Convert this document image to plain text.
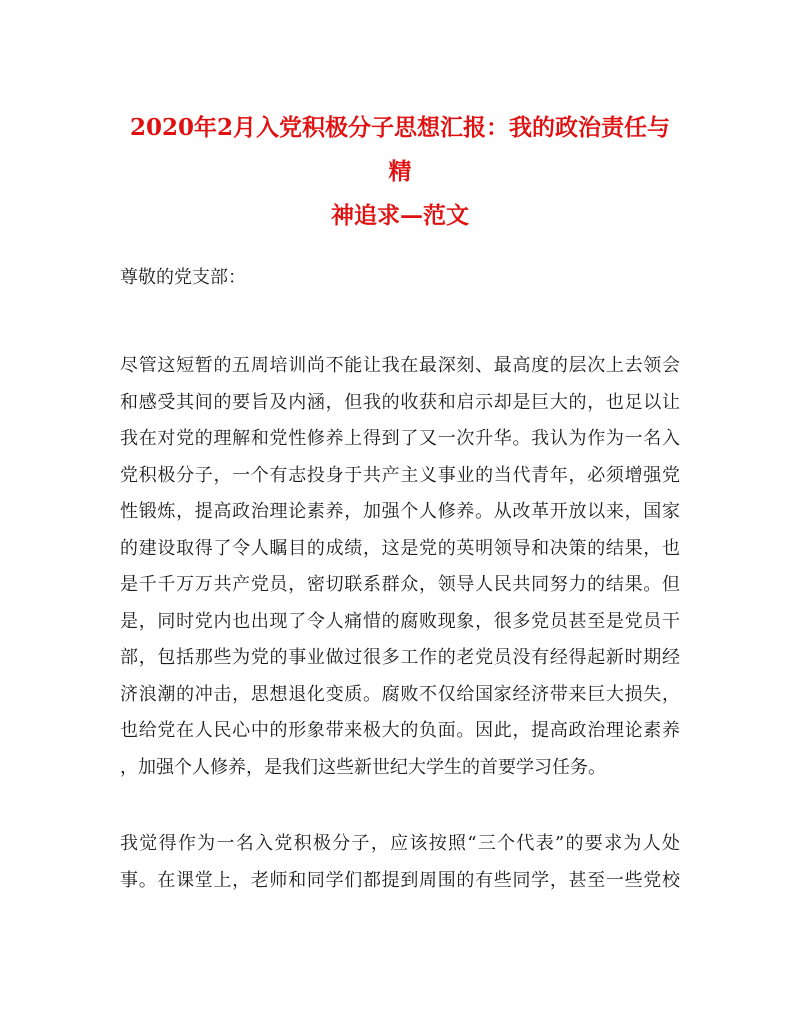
2020年2月入党积极分子思想汇报：我的政治责任与精
神追求—范文
尊敬的党支部：
尽管这短暂的五周培训尚不能让我在最深刻、最高度的层次上去领会
和感受其间的要旨及内涵，但我的收获和启示却是巨大的，也足以让
我在对党的理解和党性修养上得到了又一次升华。我认为作为一名入
党积极分子，一个有志投身于共产主义事业的当代青年，必须增强党
性锻炼，提高政治理论素养，加强个人修养。从改革开放以来，国家
的建设取得了令人瞩目的成绩，这是党的英明领导和决策的结果，也
是千千万万共产党员，密切联系群众，领导人民共同努力的结果。但
是，同时党内也出现了令人痛惜的腐败现象，很多党员甚至是党员干
部，包括那些为党的事业做过很多工作的老党员没有经得起新时期经
济浪潮的冲击，思想退化变质。腐败不仅给国家经济带来巨大损失，
也给党在人民心中的形象带来极大的负面。因此，提高政治理论素养
，加强个人修养，是我们这些新世纪大学生的首要学习任务。
我觉得作为一名入党积极分子，应该按照“三个代表”的要求为人处
事。在课堂上，老师和同学们都提到周围的有些同学，甚至一些党校
